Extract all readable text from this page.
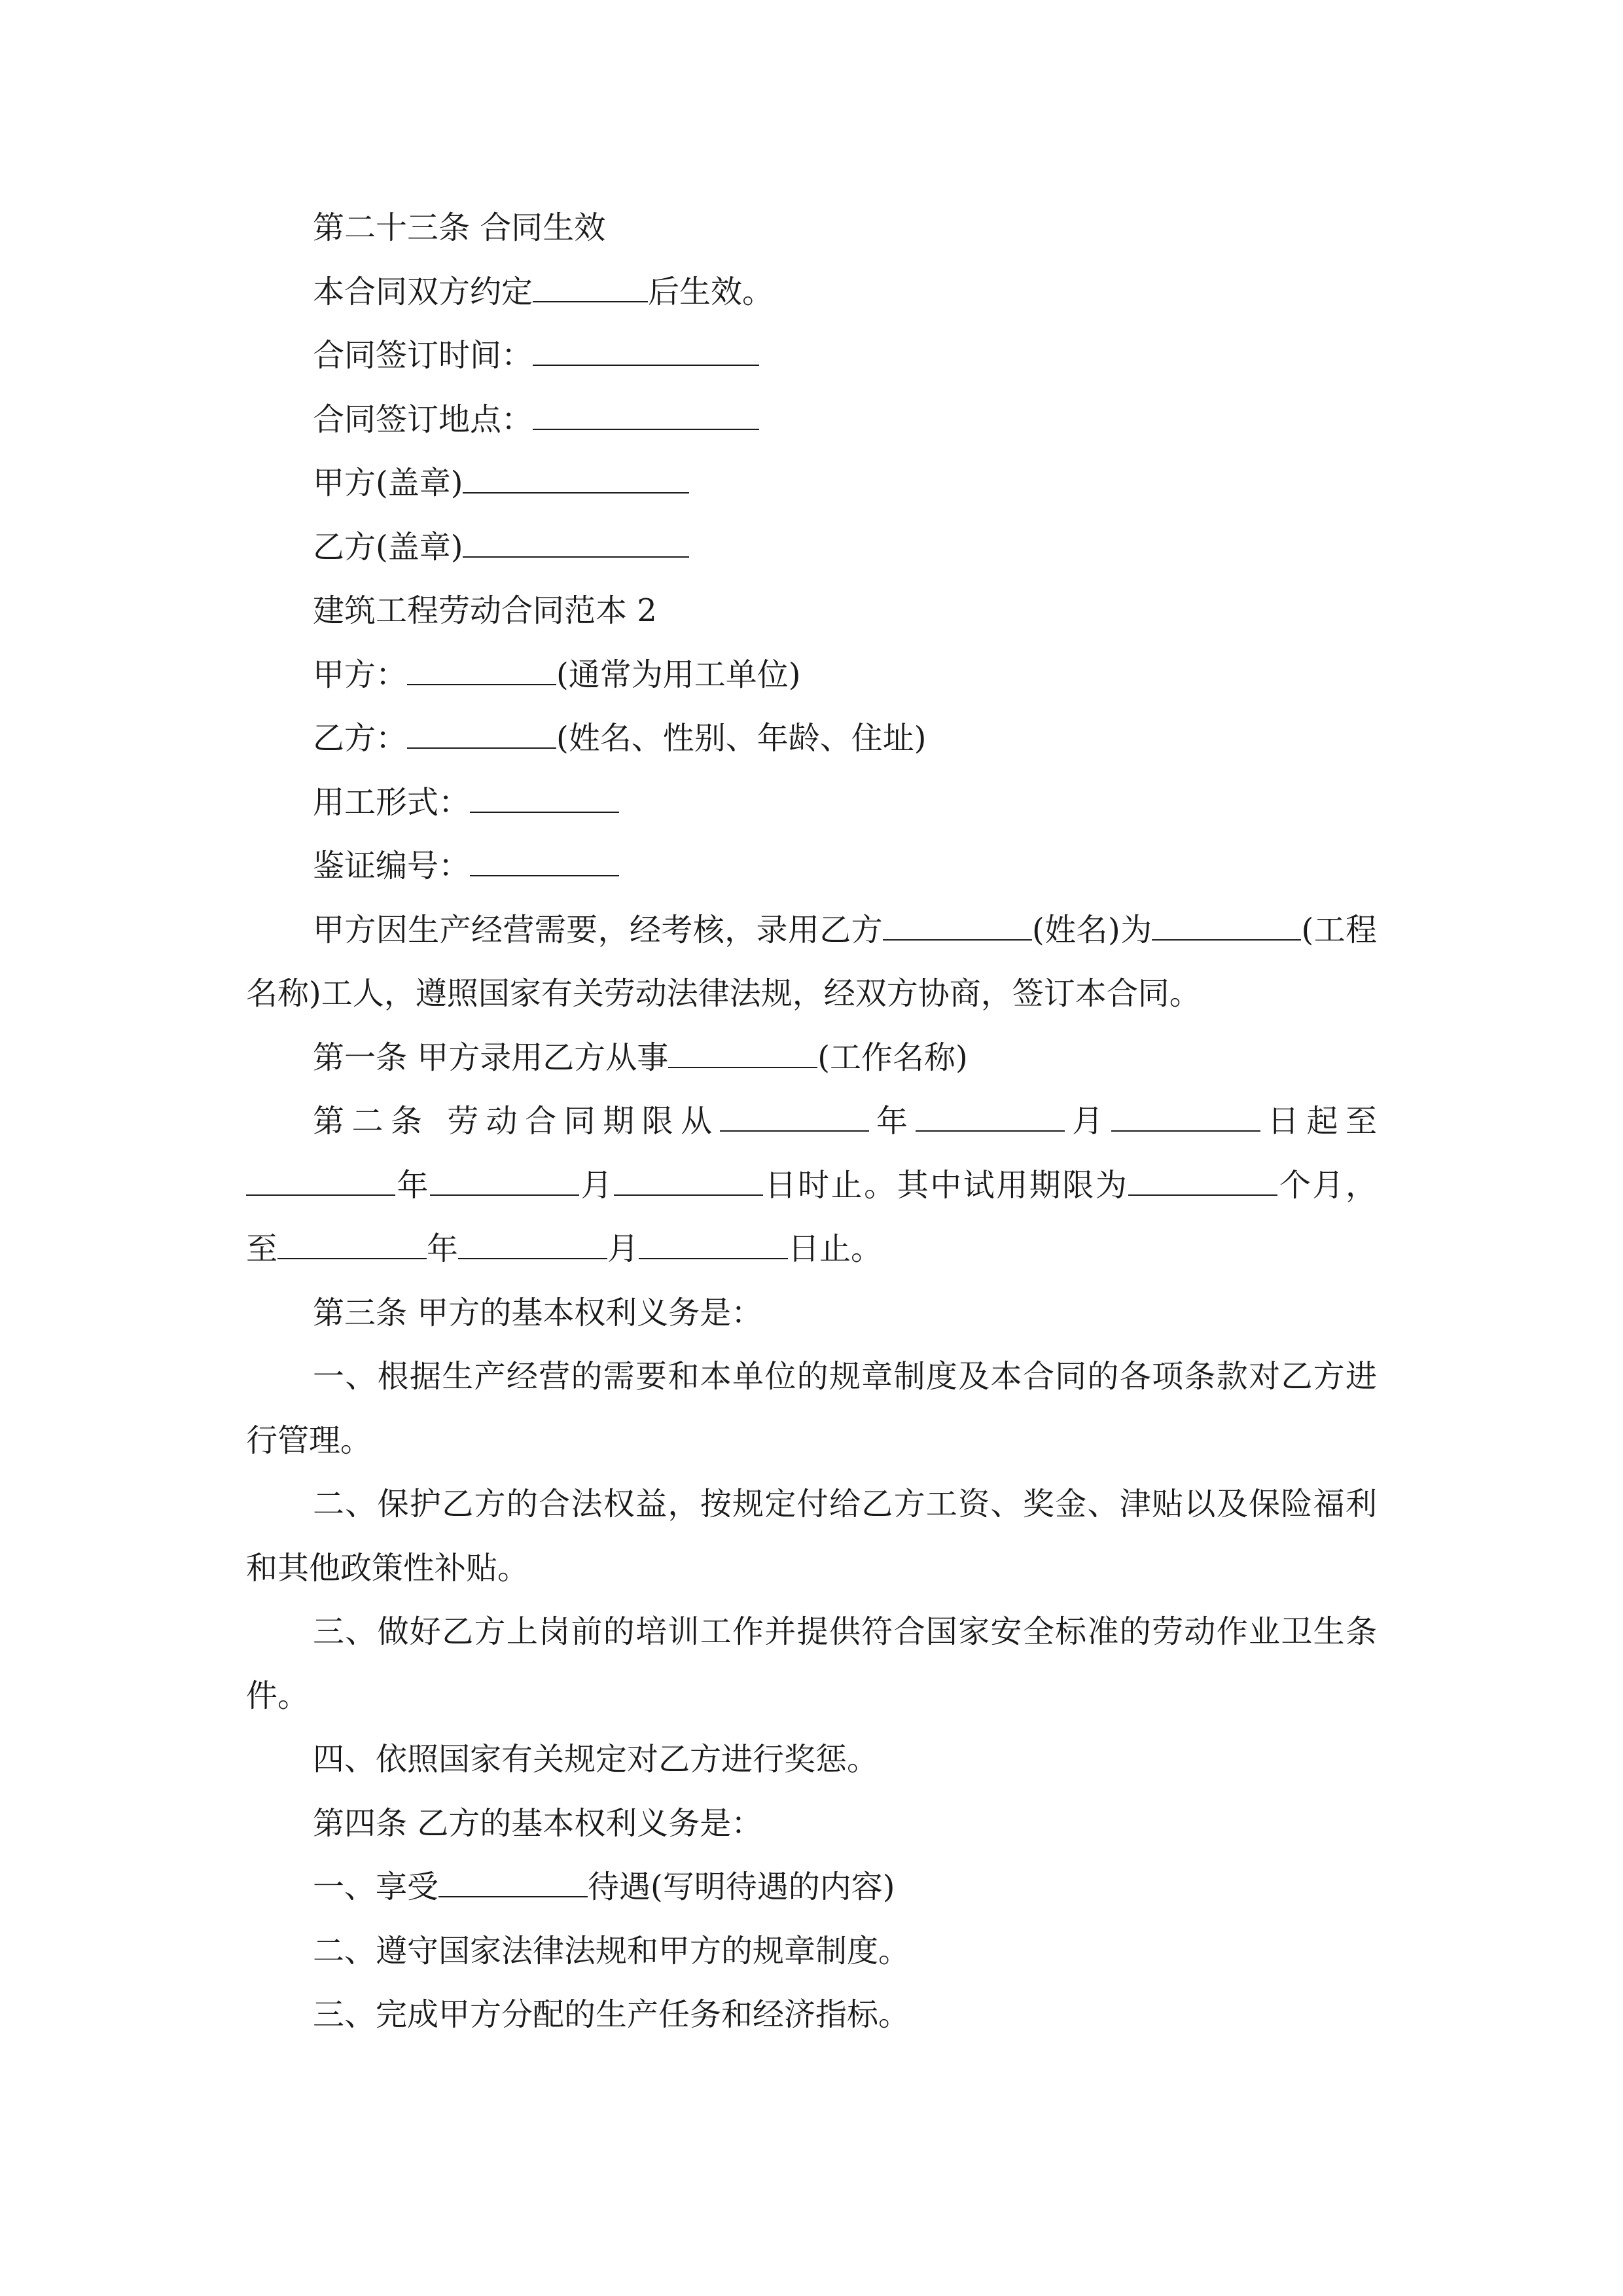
第二十三条 合同生效

本合同双方约定	后生效。

合同签订时间：

合同签订地点：

甲方(盖章)

乙方(盖章)

建筑工程劳动合同范本 2

甲方：	(通常为用工单位)

乙方：	(姓名、性别、年龄、住址)

用工形式：

鉴证编号：

甲方因生产经营需要，经考核，录用乙方	(姓名)为	(工程名称)工人，遵照国家有关劳动法律法规，经双方协商，签订本合同。

第一条 甲方录用乙方从事	(工作名称)

第二条 劳动合同期限从	年	月	日起至年	月	日时止。其中试用期限为	个月，至	年	月	日止。

第三条 甲方的基本权利义务是：

一、根据生产经营的需要和本单位的规章制度及本合同的各项条款对乙方进行管理。

二、保护乙方的合法权益，按规定付给乙方工资、奖金、津贴以及保险福利和其他政策性补贴。

三、做好乙方上岗前的培训工作并提供符合国家安全标准的劳动作业卫生条件。

四、依照国家有关规定对乙方进行奖惩。

第四条 乙方的基本权利义务是：

一、享受	待遇(写明待遇的内容)

二、遵守国家法律法规和甲方的规章制度。

三、完成甲方分配的生产任务和经济指标。
